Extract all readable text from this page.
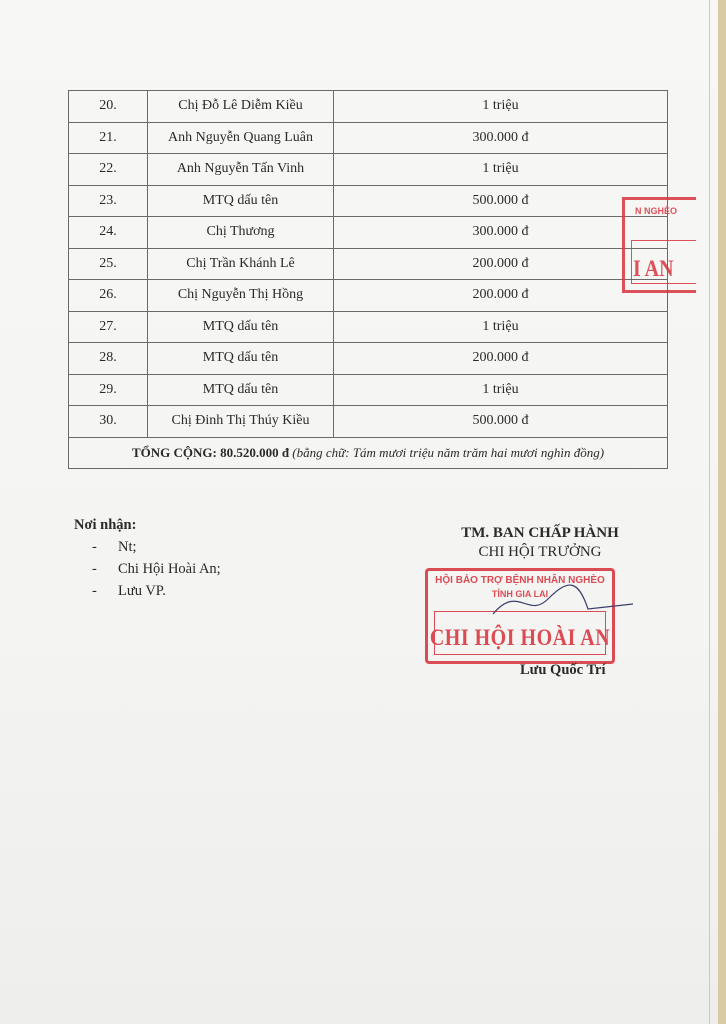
20.	Chị Đỗ Lê Diễm Kiều	1 triệu
21.	Anh Nguyễn Quang Luân	300.000 đ
22.	Anh Nguyễn Tấn Vinh	1 triệu
23.	MTQ dấu tên	500.000 đ
24.	Chị Thương	300.000 đ
25.	Chị Trần Khánh Lê	200.000 đ
26.	Chị Nguyễn Thị Hồng	200.000 đ
27.	MTQ dấu tên	1 triệu
28.	MTQ dấu tên	200.000 đ
29.	MTQ dấu tên	1 triệu
30.	Chị Đinh Thị Thúy Kiều	500.000 đ
TỔNG CỘNG: 80.520.000 đ (bằng chữ: Tám mươi triệu năm trăm hai mươi nghìn đồng)		
N NGHÈO
I AN
Nơi nhận:
- Nt;
- Chi Hội Hoài An;
- Lưu VP.
TM. BAN CHẤP HÀNH
CHI HỘI TRƯỞNG
HỘI BẢO TRỢ BỆNH NHÂN NGHÈO
TỈNH GIA LAI
CHI HỘI HOÀI AN
Lưu Quốc Trí
